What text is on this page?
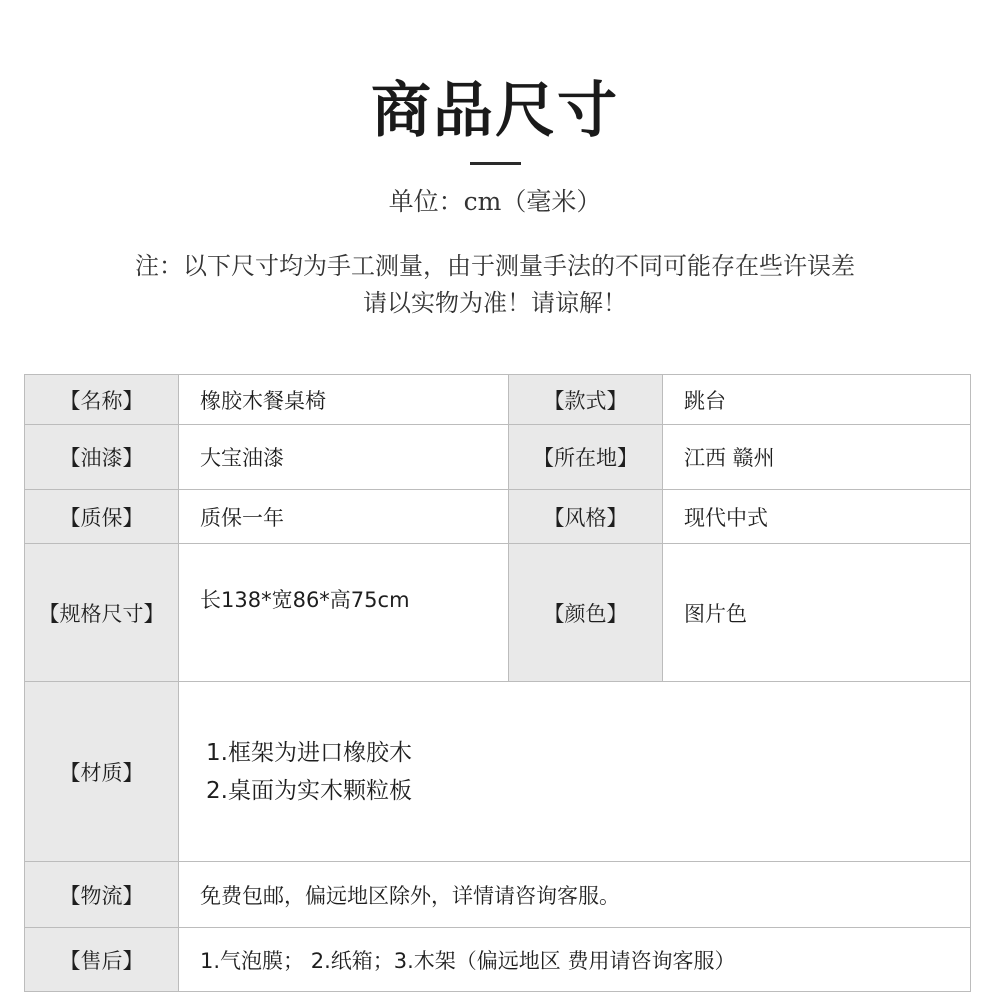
商品尺寸
单位：cm（毫米）
注：以下尺寸均为手工测量，由于测量手法的不同可能存在些许误差
请以实物为准！请谅解！
【名称】	橡胶木餐桌椅	【款式】	跳台
【油漆】	大宝油漆	【所在地】	江西 赣州
【质保】	质保一年	【风格】	现代中式
【规格尺寸】	长138*宽86*高75cm	【颜色】	图片色
【材质】	1.框架为进口橡胶木
2.桌面为实木颗粒板		

【物流】	免费包邮，偏远地区除外，详情请咨询客服。		
【售后】	1.气泡膜； 2.纸箱；3.木架（偏远地区 费用请咨询客服）		
